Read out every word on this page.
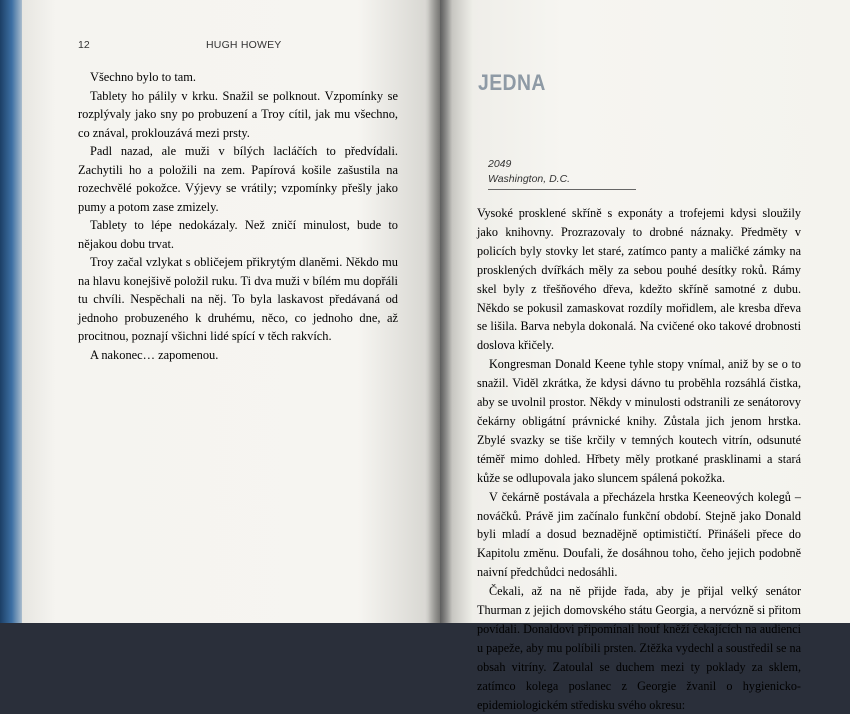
12	HUGH HOWEY

Všechno bylo to tam.

Tablety ho pálily v krku. Snažil se polknout. Vzpomínky se rozplývaly jako sny po probuzení a Troy cítil, jak mu všechno, co znával, proklouzává mezi prsty.

Padl nazad, ale muži v bílých lacláčích to předvídali. Zachytili ho a položili na zem. Papírová košile zašustila na rozechvělé pokožce. Výjevy se vrátily; vzpomínky přešly jako pumy a potom zase zmizely.

Tablety to lépe nedokázaly. Než zničí minulost, bude to nějakou dobu trvat.

Troy začal vzlykat s obličejem přikrytým dlaněmi. Někdo mu na hlavu konejšivě položil ruku. Ti dva muži v bílém mu dopřáli tu chvíli. Nespěchali na něj. To byla laskavost předávaná od jednoho probuzeného k druhému, něco, co jednoho dne, až procitnou, poznají všichni lidé spící v těch rakvích.

A nakonec… zapomenou.

JEDNA
2049
Washington, D.C.

Vysoké prosklené skříně s exponáty a trofejemi kdysi sloužily jako knihovny. Prozrazovaly to drobné náznaky. Předměty v policích byly stovky let staré, zatímco panty a maličké zámky na prosklených dvířkách měly za sebou pouhé desítky roků. Rámy skel byly z třešňového dřeva, kdežto skříně samotné z dubu. Někdo se pokusil zamaskovat rozdíly mořidlem, ale kresba dřeva se lišila. Barva nebyla dokonalá. Na cvičené oko takové drobnosti doslova křičely.

Kongresman Donald Keene tyhle stopy vnímal, aniž by se o to snažil. Viděl zkrátka, že kdysi dávno tu proběhla rozsáhlá čistka, aby se uvolnil prostor. Někdy v minulosti odstranili ze senátorovy čekárny obligátní právnické knihy. Zůstala jich jenom hrstka. Zbylé svazky se tiše krčily v temných koutech vitrín, odsunuté téměř mimo dohled. Hřbety měly protkané prasklinami a stará kůže se odlupovala jako sluncem spálená pokožka.

V čekárně postávala a přecházela hrstka Keeneových kolegů – nováčků. Právě jim začínalo funkční období. Stejně jako Donald byli mladí a dosud beznadějně optimističtí. Přinášeli přece do Kapitolu změnu. Doufali, že dosáhnou toho, čeho jejich podobně naivní předchůdci nedosáhli.

Čekali, až na ně přijde řada, aby je přijal velký senátor Thurman z jejich domovského státu Georgia, a nervózně si přitom povídali. Donaldovi připomínali houf kněží čekajících na audienci u papeže, aby mu políbili prsten. Ztěžka vydechl a soustředil se na obsah vitríny. Zatoulal se duchem mezi ty poklady za sklem, zatímco kolega poslanec z Georgie žvanil o hygienicko-epidemiologickém středisku svého okresu:
